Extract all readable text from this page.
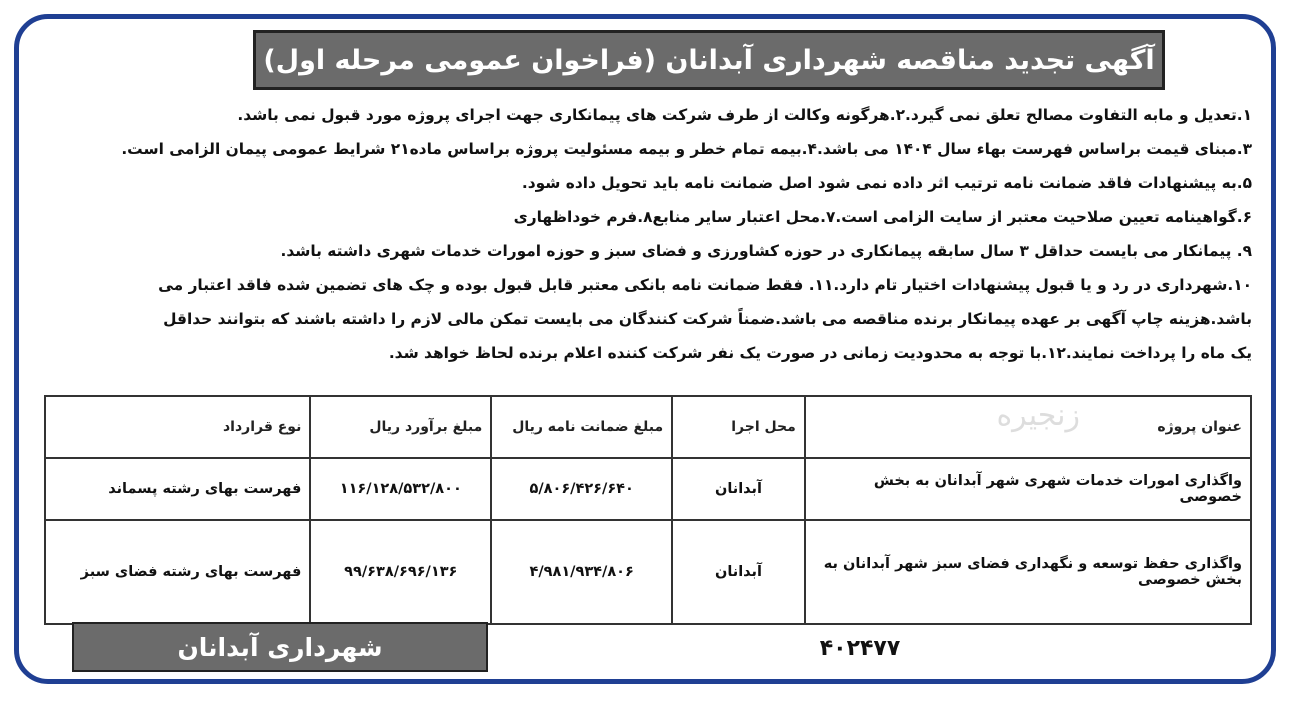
آگهی تجدید مناقصه شهرداری آبدانان (فراخوان عمومی مرحله اول)
۱.تعدیل و مابه التفاوت مصالح تعلق نمی گیرد.۲.هرگونه وکالت از طرف شرکت های پیمانکاری جهت اجرای پروژه مورد قبول نمی باشد.
۳.مبنای قیمت براساس فهرست بهاء سال ۱۴۰۴ می باشد.۴.بیمه تمام خطر و بیمه مسئولیت پروژه براساس ماده۲۱ شرایط عمومی پیمان الزامی است.
۵.به پیشنهادات فاقد ضمانت نامه ترتیب اثر داده نمی شود اصل ضمانت نامه باید تحویل داده شود.
۶.گواهینامه تعیین صلاحیت معتبر از سایت الزامی است.۷.محل اعتبار سایر منابع۸.فرم خوداظهاری
۹. پیمانکار می بایست حداقل ۳ سال سابقه پیمانکاری در حوزه کشاورزی و فضای سبز و حوزه امورات خدمات شهری داشته باشد.
۱۰.شهرداری در رد و یا قبول پیشنهادات اختیار تام دارد.۱۱. فقط ضمانت نامه بانکی معتبر قابل قبول بوده و چک های تضمین شده فاقد اعتبار می
باشد.هزینه چاپ آگهی بر عهده پیمانکار برنده مناقصه می باشد.ضمناً شرکت کنندگان می بایست تمکن مالی لازم را داشته باشند که بتوانند حداقل
یک ماه را پرداخت نمایند.۱۲.با توجه به محدودیت زمانی در صورت یک نفر شرکت کننده اعلام برنده لحاظ خواهد شد.
زنجیره	عنوان پروژه	محل اجرا	مبلغ ضمانت نامه ریال	مبلغ برآورد ریال	نوع قرارداد
واگذاری امورات خدمات شهری شهر آبدانان به بخش خصوصی	آبدانان	۵/۸۰۶/۴۲۶/۶۴۰	۱۱۶/۱۲۸/۵۳۲/۸۰۰	فهرست بهای رشته پسماند
واگذاری حفظ توسعه و نگهداری فضای سبز شهر آبدانان به بخش خصوصی	آبدانان	۴/۹۸۱/۹۳۴/۸۰۶	۹۹/۶۳۸/۶۹۶/۱۳۶	فهرست بهای رشته فضای سبز
۴۰۲۴۷۷
شهرداری آبدانان
